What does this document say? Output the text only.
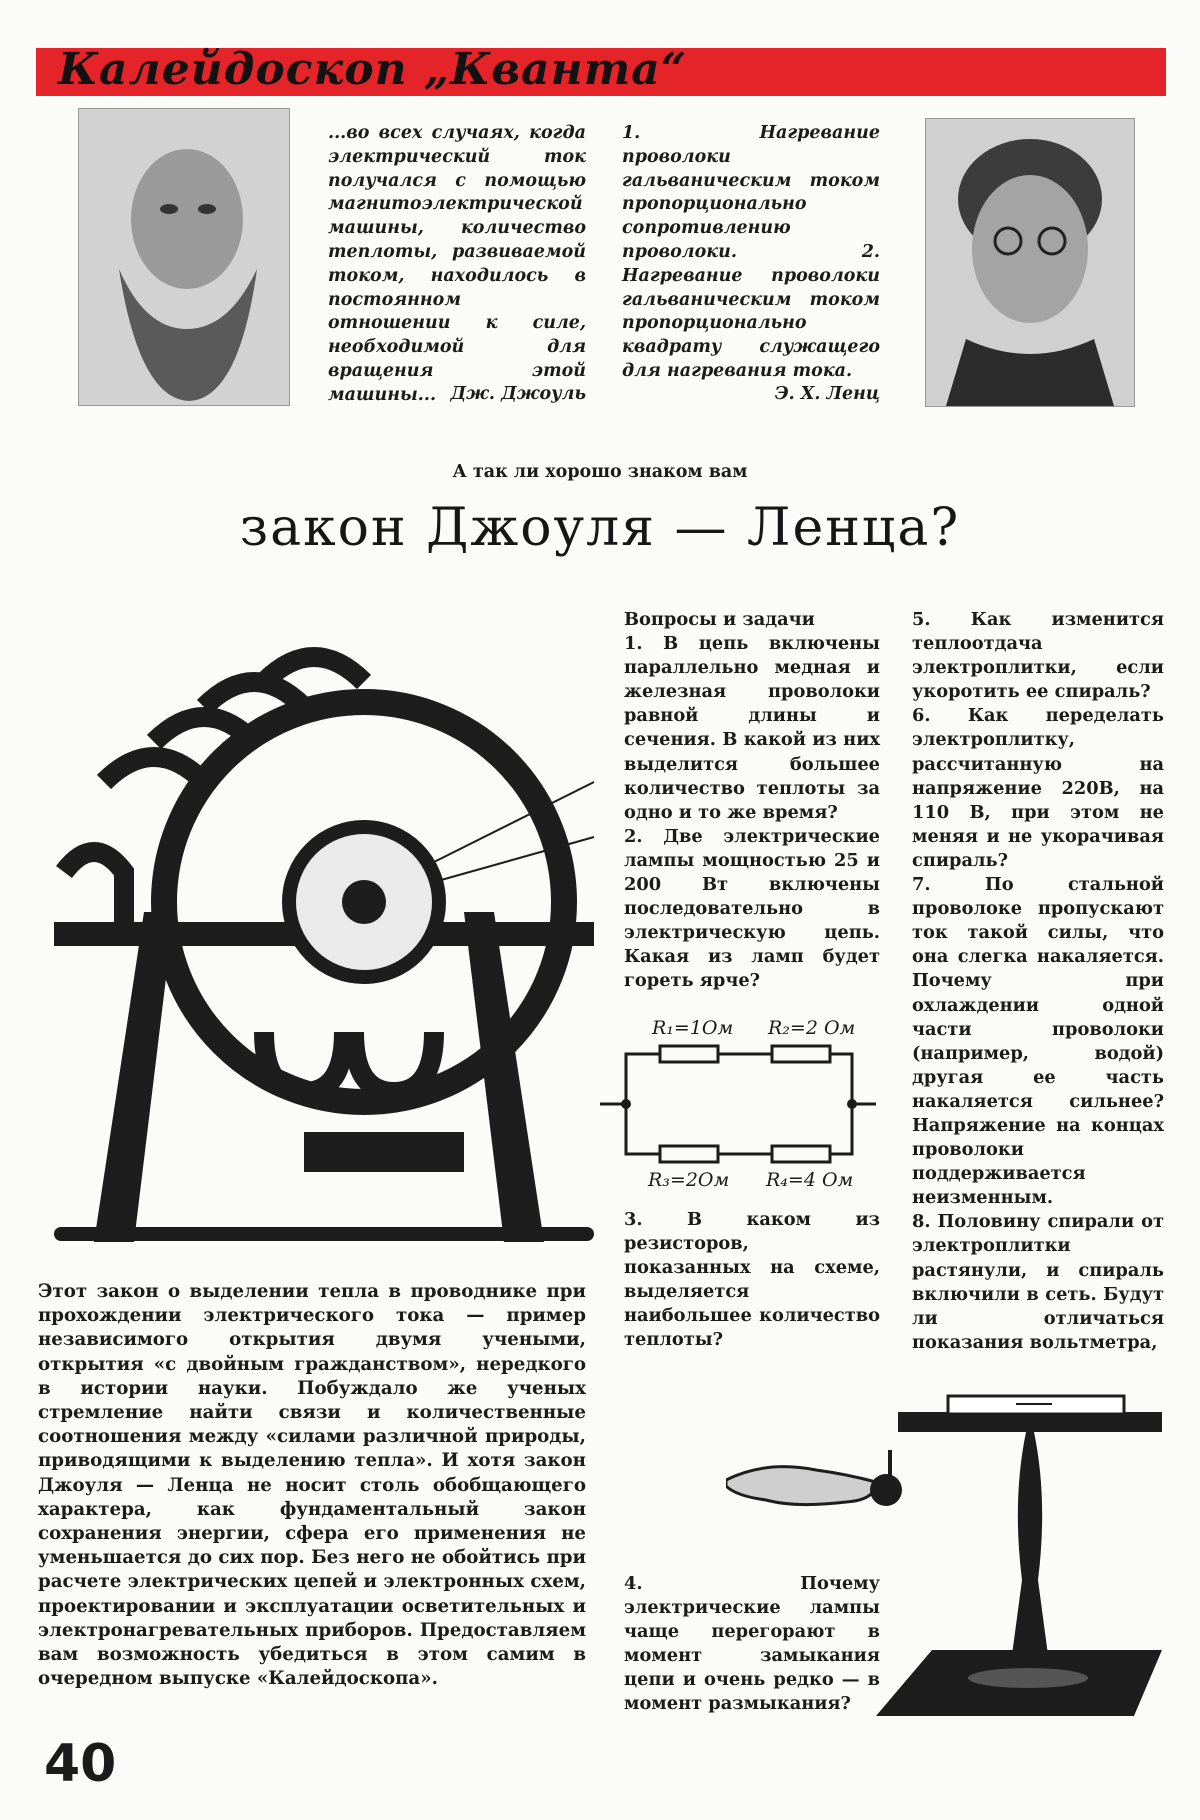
Калейдоскоп „Кванта“
...во всех случаях, когда электрический ток получался с помощью магнитоэлектрической машины, количество теплоты, развиваемой током, находилось в постоянном отношении к силе, необходимой для вращения этой машины... Дж. Джоуль
1. Нагревание проволоки гальваническим током пропорционально сопротивлению проволоки. 2. Нагревание проволоки гальваническим током пропорционально квадрату служащего для нагревания тока.
Э. Х. Ленц
А так ли хорошо знаком вам
закон Джоуля — Ленца?
Этот закон о выделении тепла в проводнике при прохождении электрического тока — пример независимого открытия двумя учеными, открытия «с двойным гражданством», нередкого в истории науки. Побуждало же ученых стремление найти связи и количественные соотношения между «силами различной природы, приводящими к выделению тепла». И хотя закон Джоуля — Ленца не носит столь обобщающего характера, как фундаментальный закон сохранения энергии, сфера его применения не уменьшается до сих пор. Без него не обойтись при расчете электрических цепей и электронных схем, проектировании и эксплуатации осветительных и электронагревательных приборов. Предоставляем вам возможность убедиться в этом самим в очередном выпуске «Калейдоскопа».

Вопросы и задачи

1. В цепь включены параллельно медная и железная проволоки равной длины и сечения. В какой из них выделится большее количество теплоты за одно и то же время?

2. Две электрические лампы мощностью 25 и 200 Вт включены последовательно в электрическую цепь. Какая из ламп будет гореть ярче?

R₁=1Ом R₂=2 Ом
R₃=2Ом R₄=4 Ом

3. В каком из резисторов, показанных на схеме, выделяется наибольшее количество теплоты?

5. Как изменится теплоотдача электроплитки, если укоротить ее спираль?

6. Как переделать электроплитку, рассчитанную на напряжение 220В, на 110 В, при этом не меняя и не укорачивая спираль?

7. По стальной проволоке пропускают ток такой силы, что она слегка накаляется. Почему при охлаждении одной части проволоки (например, водой) другая ее часть накаляется сильнее? Напряжение на концах проволоки поддерживается неизменным.

8. Половину спирали от электроплитки растянули, и спираль включили в сеть. Будут ли отличаться показания вольтметра,

4. Почему электрические лампы чаще перегорают в момент замыкания цепи и очень редко — в момент размыкания?

40
